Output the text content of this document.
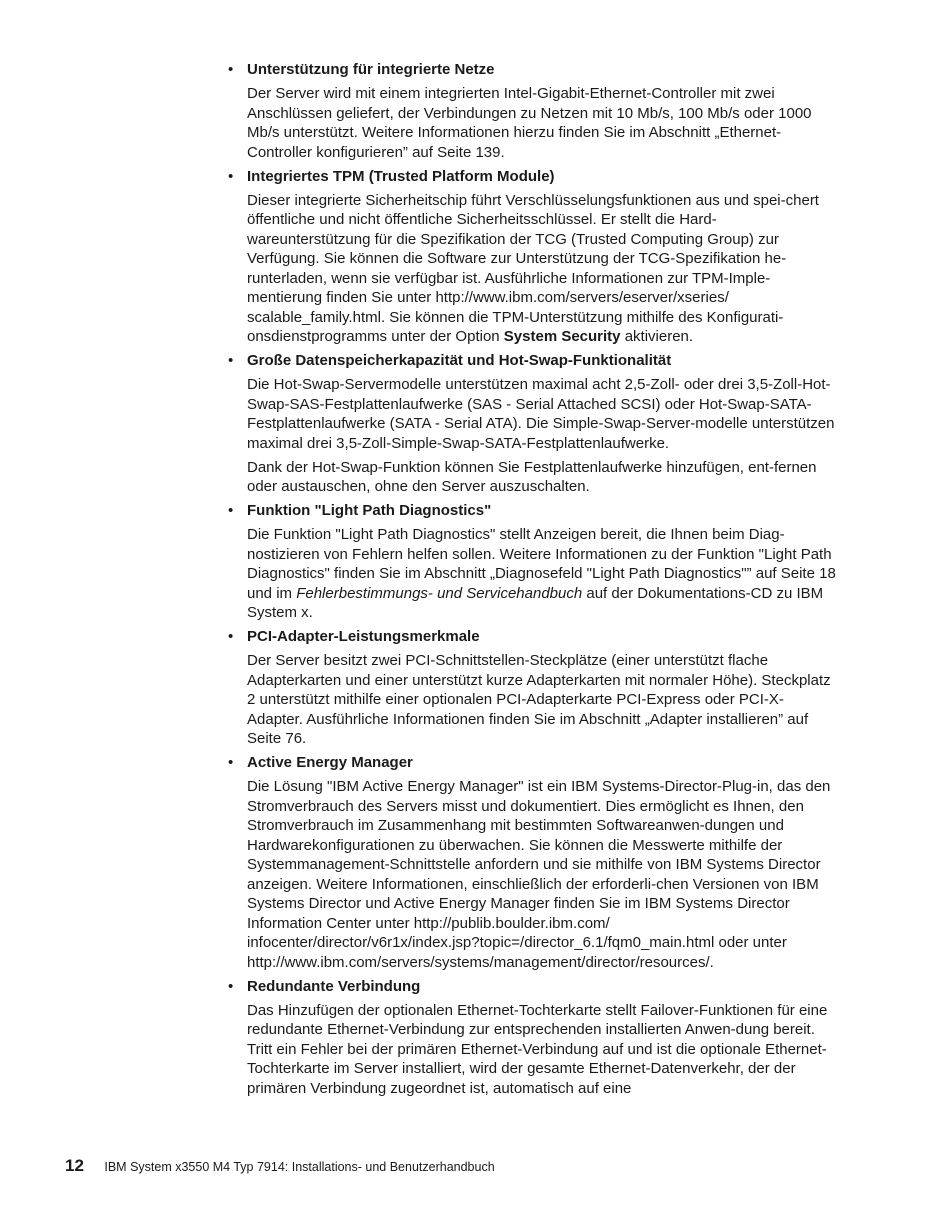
• Unterstützung für integrierte Netze

Der Server wird mit einem integrierten Intel-Gigabit-Ethernet-Controller mit zwei Anschlüssen geliefert, der Verbindungen zu Netzen mit 10 Mb/s, 100 Mb/s oder 1000 Mb/s unterstützt. Weitere Informationen hierzu finden Sie im Abschnitt „Ethernet-Controller konfigurieren” auf Seite 139.

• Integriertes TPM (Trusted Platform Module)

Dieser integrierte Sicherheitschip führt Verschlüsselungsfunktionen aus und spei-chert öffentliche und nicht öffentliche Sicherheitsschlüssel. Er stellt die Hard-wareunterstützung für die Spezifikation der TCG (Trusted Computing Group) zur Verfügung. Sie können die Software zur Unterstützung der TCG-Spezifikation he-runterladen, wenn sie verfügbar ist. Ausführliche Informationen zur TPM-Imple-mentierung finden Sie unter http://www.ibm.com/servers/eserver/xseries/ scalable_family.html. Sie können die TPM-Unterstützung mithilfe des Konfigurati-onsdienstprogramms unter der Option System Security aktivieren.

• Große Datenspeicherkapazität und Hot-Swap-Funktionalität

Die Hot-Swap-Servermodelle unterstützen maximal acht 2,5-Zoll- oder drei 3,5-Zoll-Hot-Swap-SAS-Festplattenlaufwerke (SAS - Serial Attached SCSI) oder Hot-Swap-SATA-Festplattenlaufwerke (SATA - Serial ATA). Die Simple-Swap-Server-modelle unterstützen maximal drei 3,5-Zoll-Simple-Swap-SATA-Festplattenlaufwerke.

Dank der Hot-Swap-Funktion können Sie Festplattenlaufwerke hinzufügen, ent-fernen oder austauschen, ohne den Server auszuschalten.

• Funktion "Light Path Diagnostics"

Die Funktion "Light Path Diagnostics" stellt Anzeigen bereit, die Ihnen beim Diag-nostizieren von Fehlern helfen sollen. Weitere Informationen zu der Funktion "Light Path Diagnostics" finden Sie im Abschnitt „Diagnosefeld "Light Path Diagnostics"” auf Seite 18 und im Fehlerbestimmungs- und Servicehandbuch auf der Dokumentations-CD zu IBM System x.

• PCI-Adapter-Leistungsmerkmale

Der Server besitzt zwei PCI-Schnittstellen-Steckplätze (einer unterstützt flache Adapterkarten und einer unterstützt kurze Adapterkarten mit normaler Höhe). Steckplatz 2 unterstützt mithilfe einer optionalen PCI-Adapterkarte PCI-Express oder PCI-X-Adapter. Ausführliche Informationen finden Sie im Abschnitt „Adapter installieren” auf Seite 76.

• Active Energy Manager

Die Lösung "IBM Active Energy Manager" ist ein IBM Systems-Director-Plug-in, das den Stromverbrauch des Servers misst und dokumentiert. Dies ermöglicht es Ihnen, den Stromverbrauch im Zusammenhang mit bestimmten Softwareanwen-dungen und Hardwarekonfigurationen zu überwachen. Sie können die Messwerte mithilfe der Systemmanagement-Schnittstelle anfordern und sie mithilfe von IBM Systems Director anzeigen. Weitere Informationen, einschließlich der erforderli-chen Versionen von IBM Systems Director und Active Energy Manager finden Sie im IBM Systems Director Information Center unter http://publib.boulder.ibm.com/ infocenter/director/v6r1x/index.jsp?topic=/director_6.1/fqm0_main.html oder unter http://www.ibm.com/servers/systems/management/director/resources/.

• Redundante Verbindung

Das Hinzufügen der optionalen Ethernet-Tochterkarte stellt Failover-Funktionen für eine redundante Ethernet-Verbindung zur entsprechenden installierten Anwen-dung bereit. Tritt ein Fehler bei der primären Ethernet-Verbindung auf und ist die optionale Ethernet-Tochterkarte im Server installiert, wird der gesamte Ethernet-Datenverkehr, der der primären Verbindung zugeordnet ist, automatisch auf eine

12 IBM System x3550 M4 Typ 7914: Installations- und Benutzerhandbuch
